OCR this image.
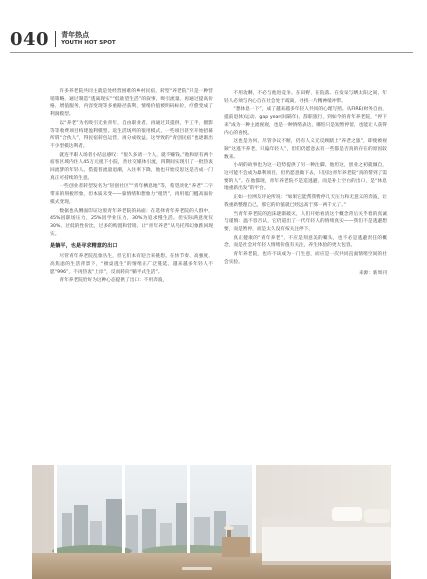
040 青年热点
YOUTH HOT SPOT

许多养老院共同主就是处经营困难的乡村民宿，转型“养老院”只是一种营销策略，通过制造“逃离现实”“低欲望生活”的叙事，吸引流量。再通过提高价格、增值服务，内容变现等多重路径获利，情绪价值被明码标价，疗愈变成了利润模型。

以“养老”为名吸引无业青年，自由职业者，再通过其提供，半工半，摄影等等收费项目构建盈利模型。返生活场所的很用模式，一些项目甚至开始招募所谓“合伙人”，得民宿转包运营，再分成收益。这导致的“青创民宿”也逐渐出不少型模达利者。

就连半职人场者小结总感叹：“很久多请一个人，就不赚钱。”他和原有两个宿客区域内住人45万元租下小院，善社交媒体引流，四期间实现引了一批热衷回流梦的年轻人。借提普流量退潮，入住率下降，他也开始反思这是否成一门真正可持续的生意。

一些创业者转型发名为“轻创社区”“青年栖息地”等，希望淡化“养老”二字带来的刻板形象，但本质未变——靠情绪和想象力“租赁”，再用低门槛高溢价模式变现。

数据也从侧面印证这股青年养老院的局面：在选择青年养老院的人群中，45%因职场压力，25%因学业压力，30%为追求慢生活。但实际满意度仅30%，过低的性价比，过多的购置和营销，让“青年养老”从乌托邦幻象跌回现实。

是躺平，也是寻求精意的出口

尽管青年养老院乱象丛生，但它们本有迎合来挑想。在快节奏、高强度、高焦虑的生活背景下，“掀桌逃生”的情绪正广泛蔓延。越来越多年轻人不愿“996”，不再热衷“上岸”，反而转向“躺平式生活”。

青年养老院恰好为这种心态提供了出口：不用奔波，

不用攻聊，不必与他进竞争。在田野、在院落、在发呆与晒太阳之间，年轻人必须与内心自在社会处于疏离，寻找一片精神缓冲带。

“想休息一下”，成了越来越多年轻人共同的心理写照。从FIRE(财务自由，提前退休)运动、gap year(间隔年)、辞职旅行，到如今的青年养老院，“停下来”成为一种主流视观，也是一种情绪表达，哪怕只是短暂停留，也能让人获得内心的喜悦。

这也是为何，尽管争议不断，仍有人义无反顾踏上“养老之旅”，即使被视频“这逃不养老，只偏年轻人”，但们仍愿意去有一些都是否真的存在的原因较数来。

小胡的故事也为这一趋势提供了另一种注脚。他坦这，创业之初就倾自，这可能不会成为暴利项目，但仍愿意做下去，只因这青年养老院“真的帮到了需要的人”。在他都现，青年养老院不是造逃避，而是补上空白的出口，是“休息地重新出发”的平台。

正如一位网友评论所说：“如果它能帮我暂停几天压力和无意义的奔波，让我重新整理自己，那它的价值就已经远高于那一两千元了。”

当青年养老院的泡沫逐渐破灭，人们开始看清这个概念背后关乎着的真诚与谨慎：温不容否认，它仍道出了一代年轻人的情绪真实——我们不是逃避想要，而是暂停，而是太久没有按关注停下。

真正健康的“青年养老”，不应是刻意美的噱头，也不必是逃避责任的概念，而是社会对年轻人情绪价值有关注，养生体验的更大包容。

青年养老院，也许不该成为一门生意，而应是一次共同直面情绪空间的社会实验。

来源：新周刊
